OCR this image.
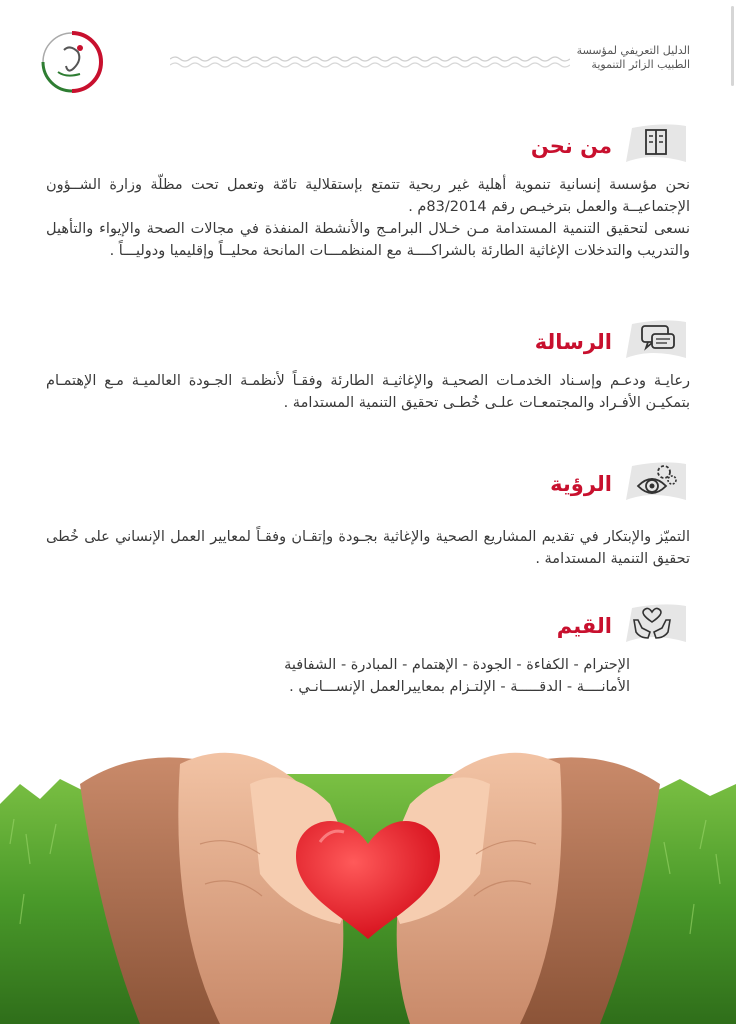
الدليل التعريفي لمؤسسة
الطبيب الزائر التنموية
من نحن

نحن مؤسسة إنسانية تنموية أهلية غير ربحية تتمتع بإستقلالية تامّة وتعمل تحت مظلّة وزارة الشــؤون الإجتماعيــة والعمل بترخيـص رقم 83/2014م .

نسعى لتحقيق التنمية المستدامة مـن خـلال البرامـج والأنشطة المنفذة في مجالات الصحة والإيواء والتأهيل والتدريب والتدخلات الإغاثية الطارئة بالشراكــــة مع المنظمـــات المانحة محليــاً وإقليميا ودوليـــاً .

الرسالة

رعايـة ودعـم وإسـناد الخدمـات الصحيـة والإغاثيـة الطارئة وفقـاً لأنظمـة الجـودة العالميـة مـع الإهتمـام بتمكيـن الأفـراد والمجتمعـات علـى خُطـى تحقيق التنمية المستدامة .

الرؤية

التميّز والإبتكار في تقديم المشاريع الصحية والإغاثية بجـودة وإتقـان وفقـاً لمعايير العمل الإنساني على خُطى تحقيق التنمية المستدامة .

القيم

الإحترام - الكفاءة - الجودة - الإهتمام - المبادرة - الشفافية

الأمانــــة - الدقـــــة - الإلتـزام بمعاييرالعمل الإنســـانـي .
